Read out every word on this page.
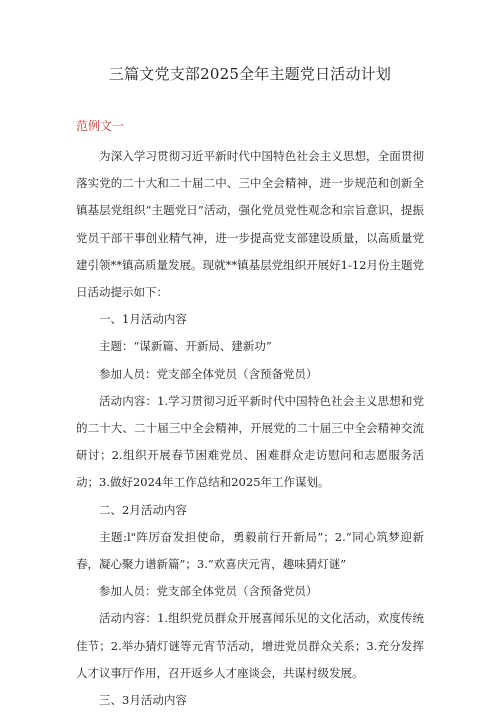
三篇文党支部2025全年主题党日活动计划
范例文一

为深入学习贯彻习近平新时代中国特色社会主义思想，全面贯彻落实党的二十大和二十届二中、三中全会精神，进一步规范和创新全镇基层党组织“主题党日”活动，强化党员党性观念和宗旨意识，提振党员干部干事创业精气神，进一步提高党支部建设质量，以高质量党建引领**镇高质量发展。现就**镇基层党组织开展好1-12月份主题党日活动提示如下：

一、1月活动内容

主题：“谋新篇、开新局、建新功”

参加人员：党支部全体党员（含预备党员）

活动内容：1.学习贯彻习近平新时代中国特色社会主义思想和党的二十大、二十届三中全会精神，开展党的二十届三中全会精神交流研讨；2.组织开展春节困难党员、困难群众走访慰问和志愿服务活动；3.做好2024年工作总结和2025年工作谋划。

二、2月活动内容

主题:l"阵厉奋发担使命，勇毅前行开新局”；2.“同心筑梦迎新春，凝心聚力谱新篇”；3.“欢喜庆元宵，趣味猜灯谜”

参加人员：党支部全体党员（含预备党员）

活动内容：1.组织党员群众开展喜闻乐见的文化活动，欢度传统佳节；2.举办猜灯谜等元宵节活动，增进党员群众关系；3.充分发挥人才议事厅作用，召开返乡人才座谈会，共谋村级发展。

三、3月活动内容
